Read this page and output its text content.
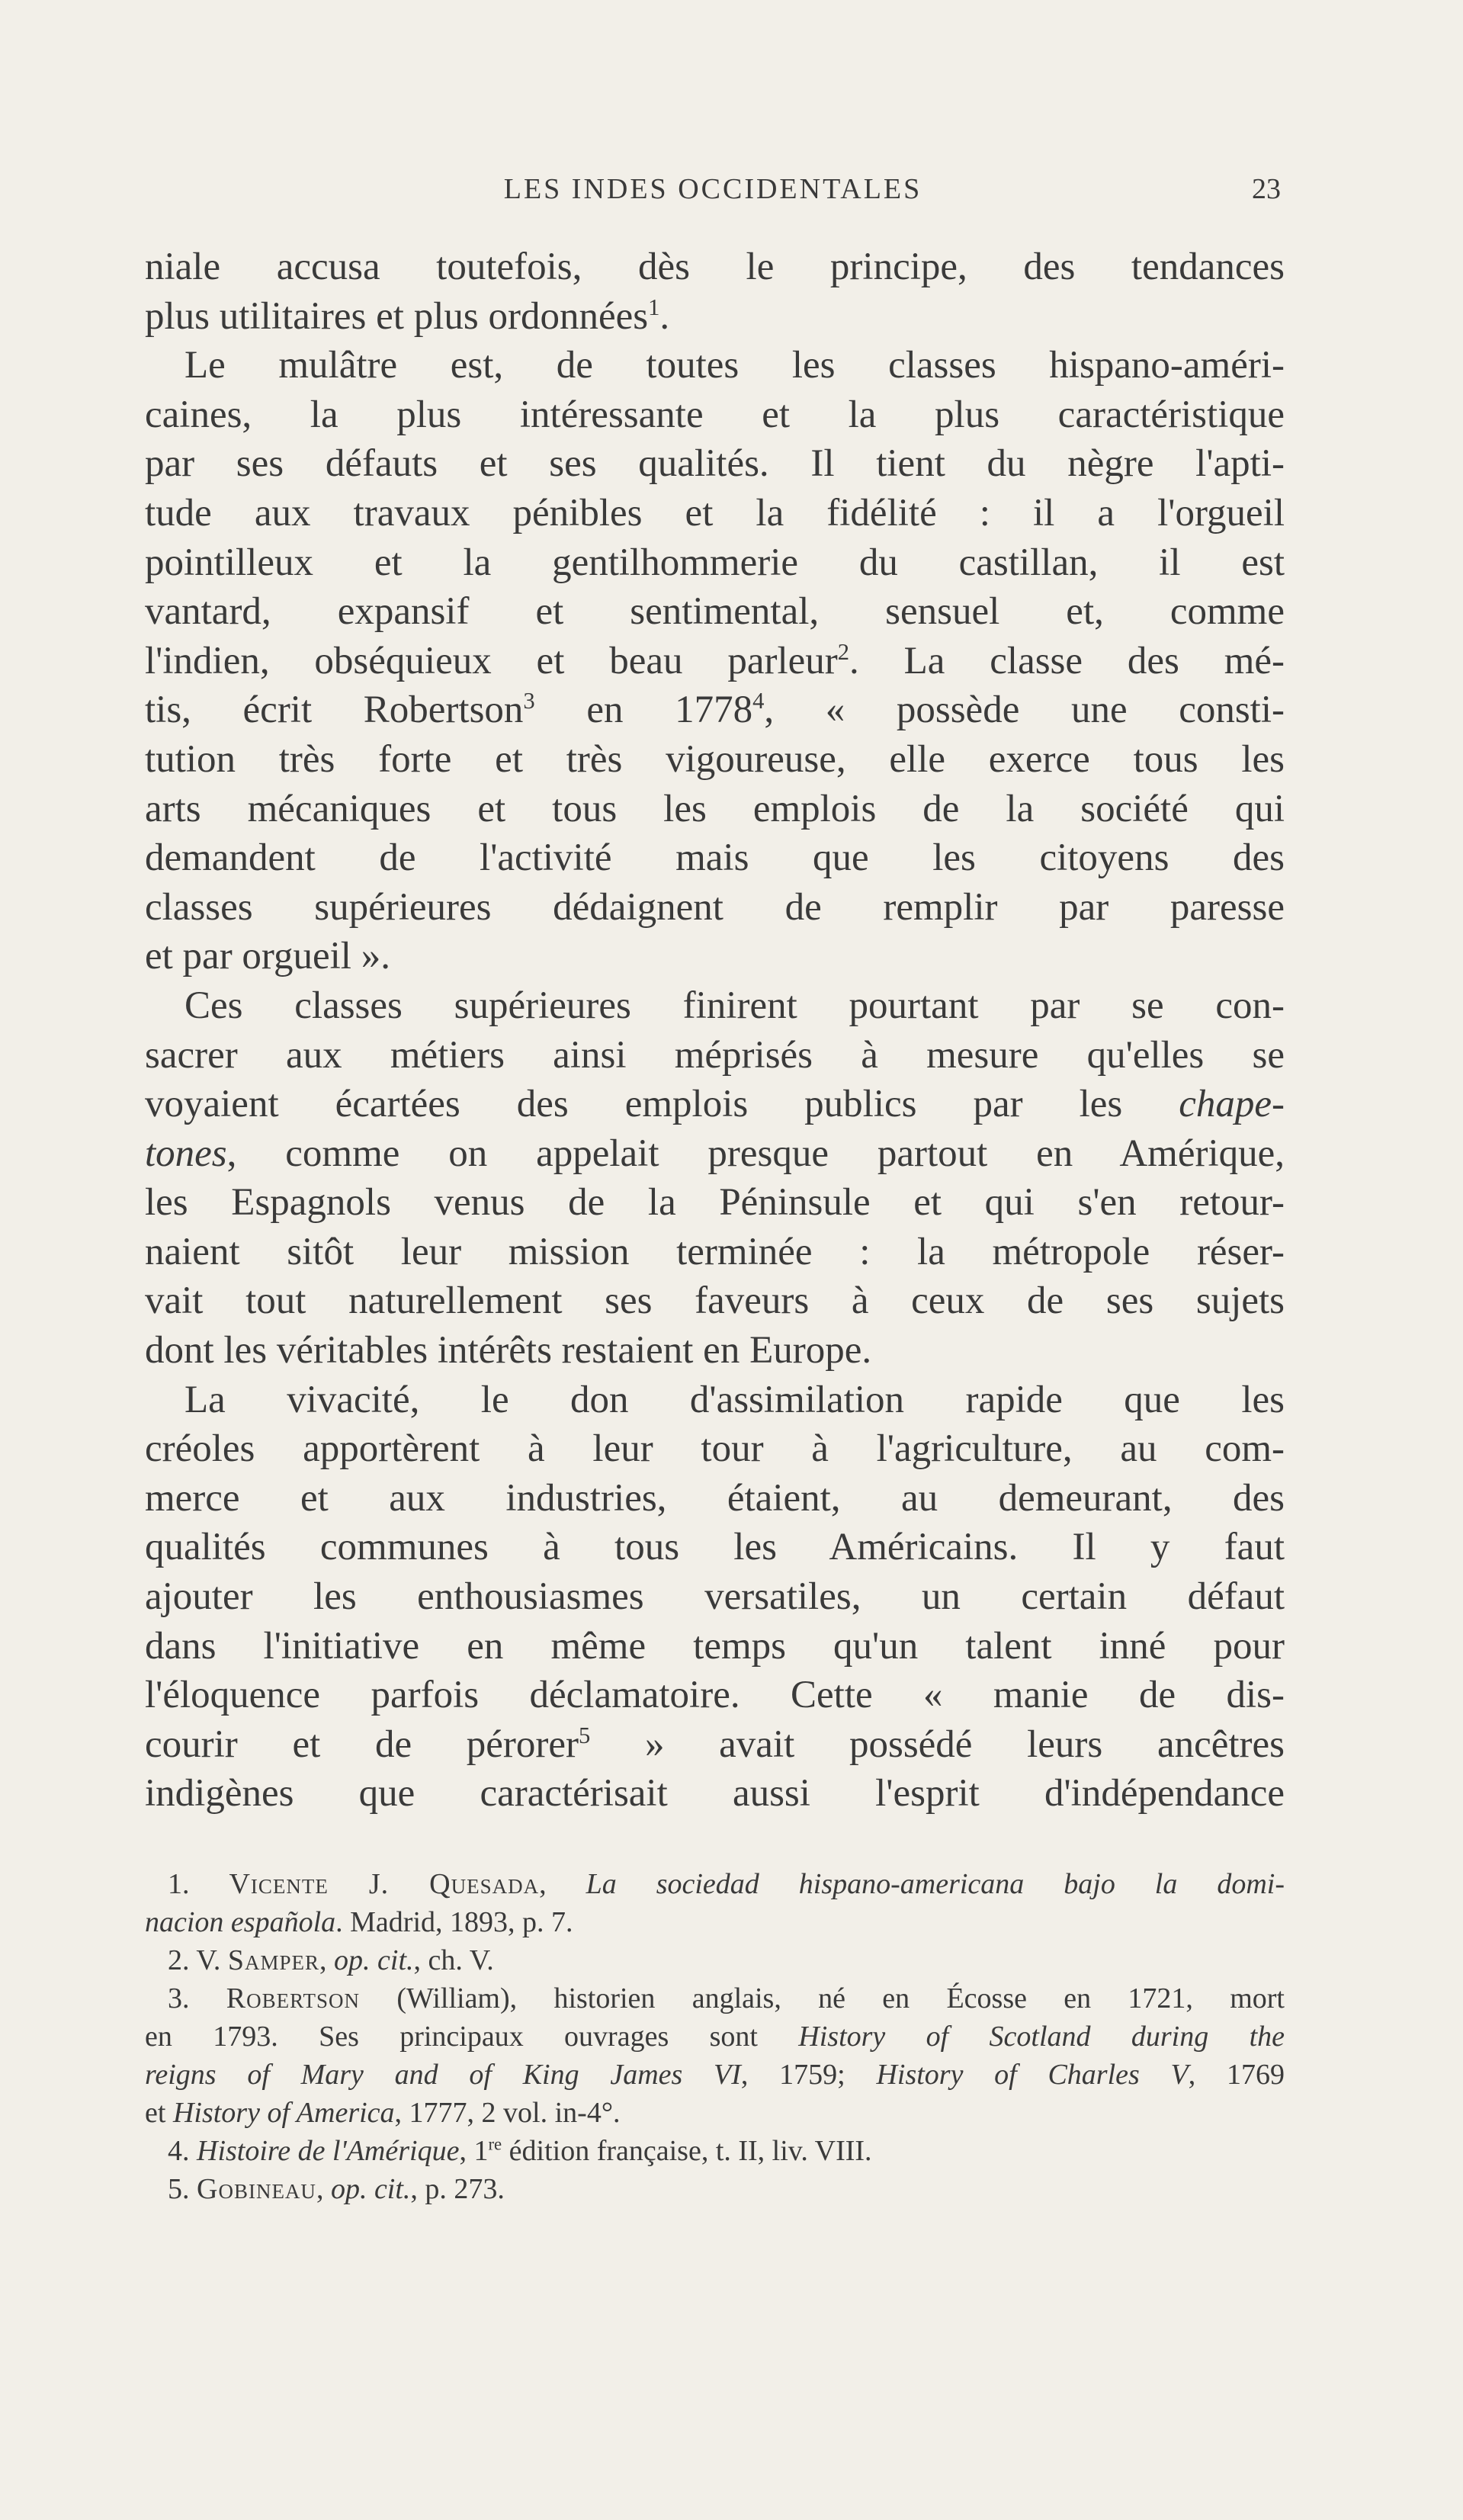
LES INDES OCCIDENTALES	23
niale accusa toutefois, dès le principe, des tendances
plus utilitaires et plus ordonnées$^1$.
Le mulâtre est, de toutes les classes hispano-améri-
caines, la plus intéressante et la plus caractéristique
par ses défauts et ses qualités. Il tient du nègre l'apti-
tude aux travaux pénibles et la fidélité : il a l'orgueil
pointilleux et la gentilhommerie du castillan, il est
vantard, expansif et sentimental, sensuel et, comme
l'indien, obséquieux et beau parleur$^2$. La classe des mé-
tis, écrit Robertson$^3$ en 1778$^4$, « possède une consti-
tution très forte et très vigoureuse, elle exerce tous les
arts mécaniques et tous les emplois de la société qui
demandent de l'activité mais que les citoyens des
classes supérieures dédaignent de remplir par paresse
et par orgueil ».
Ces classes supérieures finirent pourtant par se con-
sacrer aux métiers ainsi méprisés à mesure qu'elles se
voyaient écartées des emplois publics par les chape-
tones, comme on appelait presque partout en Amérique,
les Espagnols venus de la Péninsule et qui s'en retour-
naient sitôt leur mission terminée : la métropole réser-
vait tout naturellement ses faveurs à ceux de ses sujets
dont les véritables intérêts restaient en Europe.
La vivacité, le don d'assimilation rapide que les
créoles apportèrent à leur tour à l'agriculture, au com-
merce et aux industries, étaient, au demeurant, des
qualités communes à tous les Américains. Il y faut
ajouter les enthousiasmes versatiles, un certain défaut
dans l'initiative en même temps qu'un talent inné pour
l'éloquence parfois déclamatoire. Cette « manie de dis-
courir et de pérorer$^5$ » avait possédé leurs ancêtres
indigènes que caractérisait aussi l'esprit d'indépendance
1. Vicente J. Quesada, La sociedad hispano-americana bajo la domi-
nacion española. Madrid, 1893, p. 7.
2. V. Samper, op. cit., ch. V.
3. Robertson (William), historien anglais, né en Écosse en 1721, mort
en 1793. Ses principaux ouvrages sont History of Scotland during the
reigns of Mary and of King James VI, 1759; History of Charles V, 1769
et History of America, 1777, 2 vol. in-4°.
4. Histoire de l'Amérique, 1re édition française, t. II, liv. VIII.
5. Gobineau, op. cit., p. 273.
